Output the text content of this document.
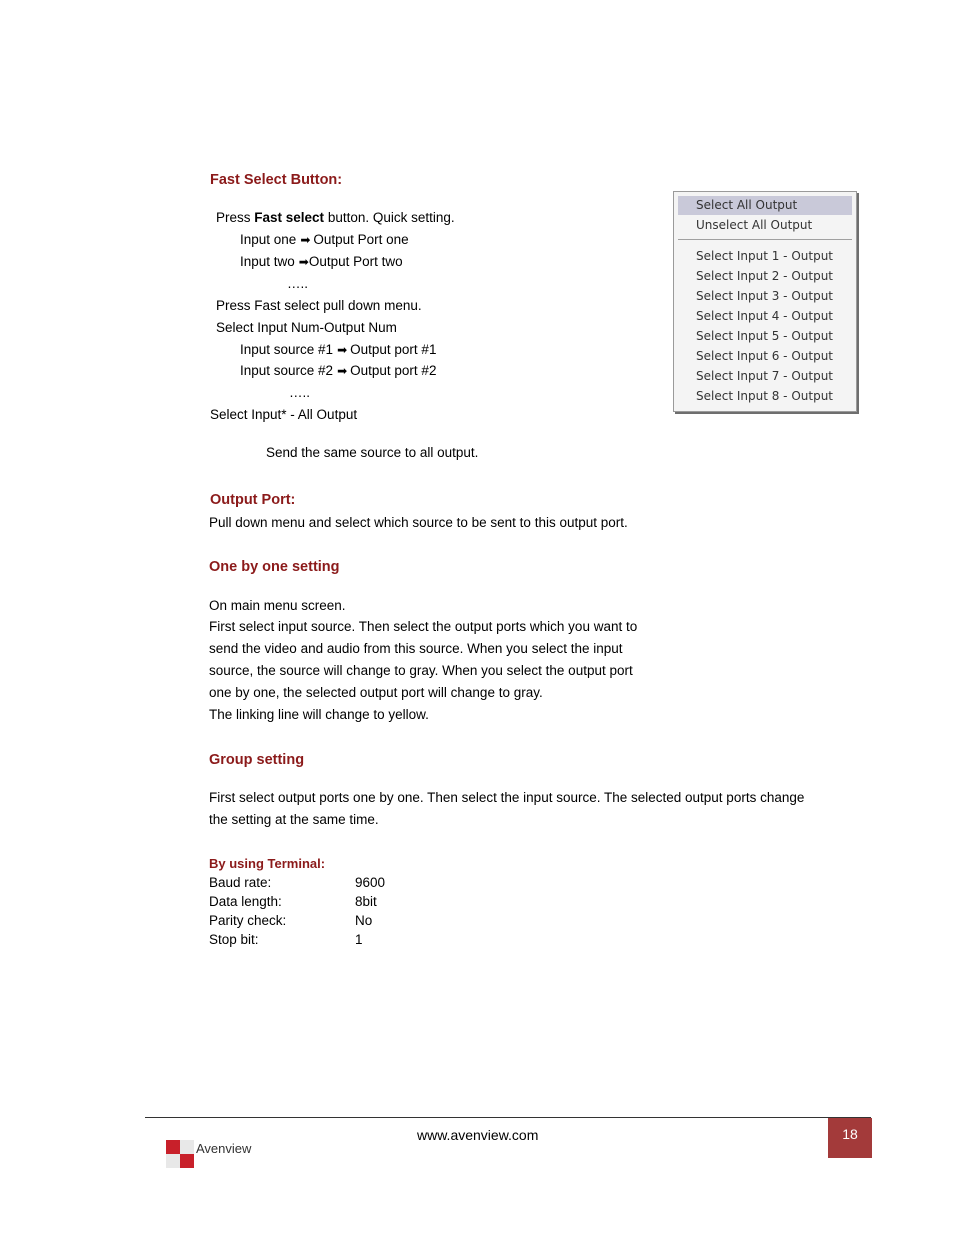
Fast Select Button:
Press Fast select button. Quick setting.
Input one ➡ Output Port one
Input two ➡Output Port two
…..
Press Fast select pull down menu.
Select Input Num-Output Num
Input source #1 ➡ Output port #1
Input source #2 ➡ Output port #2
…..
Select Input* - All Output
Send the same source to all output.
Select All Output
Unselect All Output
Select Input 1 - Output
Select Input 2 - Output
Select Input 3 - Output
Select Input 4 - Output
Select Input 5 - Output
Select Input 6 - Output
Select Input 7 - Output
Select Input 8 - Output
Output Port:
Pull down menu and select which source to be sent to this output port.
One by one setting
On main menu screen.
First select input source. Then select the output ports which you want to
send the video and audio from this source. When you select the input
source, the source will change to gray. When you select the output port
one by one, the selected output port will change to gray.
The linking line will change to yellow.
Group setting
First select output ports one by one. Then select the input source. The selected output ports change
the setting at the same time.
By using Terminal:
Baud rate:	9600
Data length:	8bit
Parity check:	No
Stop bit:	1
www.avenview.com	18
Avenview
